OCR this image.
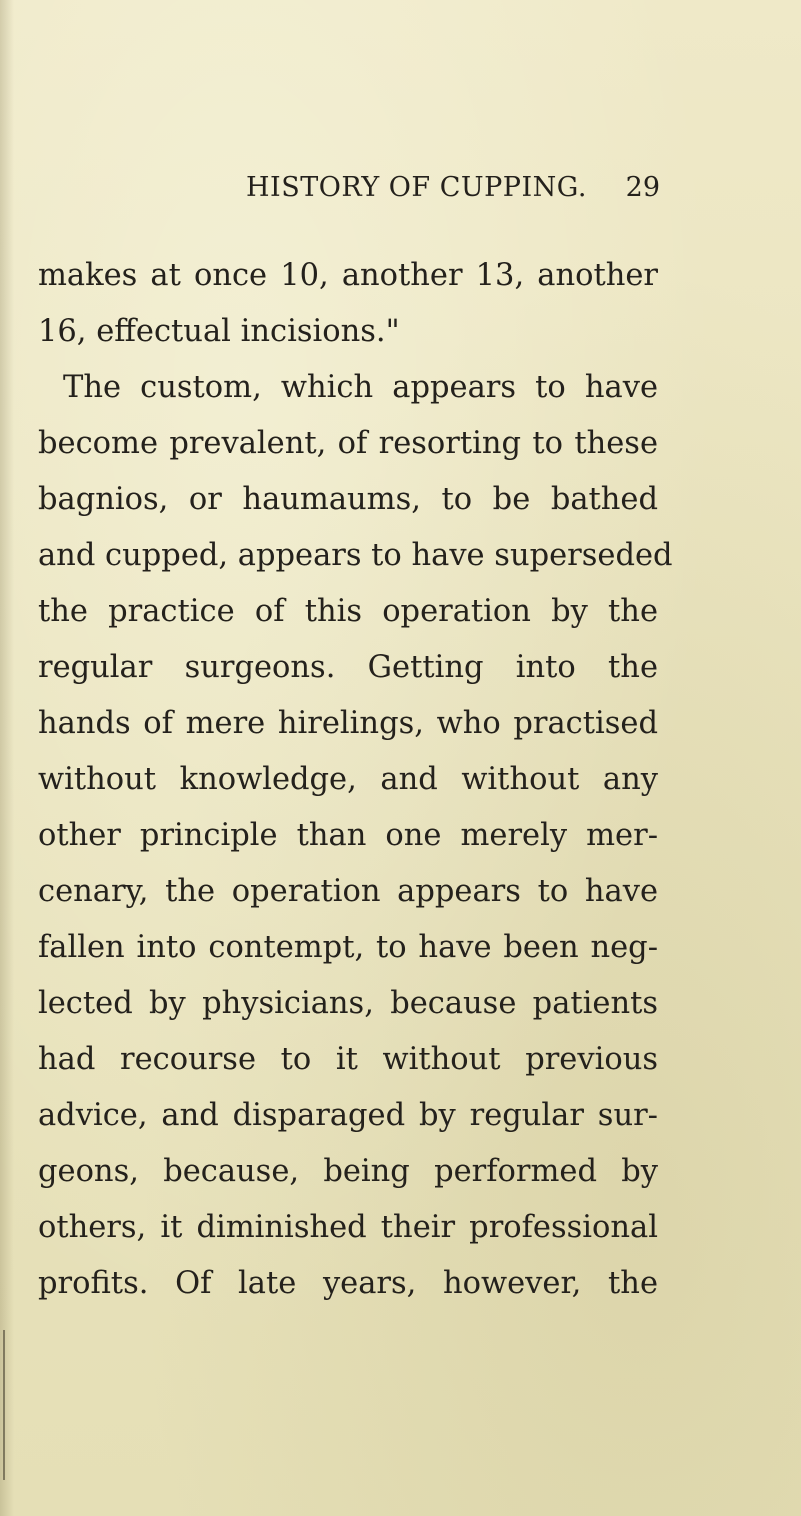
HISTORY OF CUPPING.	29
makes at once 10, another 13, another
16, effectual incisions."
The custom, which appears to have
become prevalent, of resorting to these
bagnios, or haumaums, to be bathed
and cupped, appears to have superseded
the practice of this operation by the
regular surgeons. Getting into the
hands of mere hirelings, who practised
without knowledge, and without any
other principle than one merely mer-
cenary, the operation appears to have
fallen into contempt, to have been neg-
lected by physicians, because patients
had recourse to it without previous
advice, and disparaged by regular sur-
geons, because, being performed by
others, it diminished their professional
profits. Of late years, however, the
